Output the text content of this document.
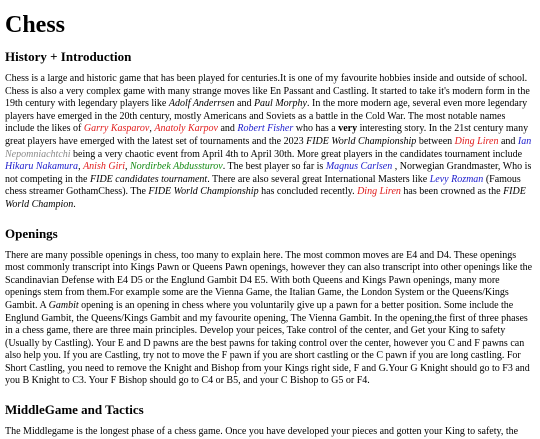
Chess
History + Introduction

Chess is a large and historic game that has been played for centuries.It is one of my favourite hobbies inside and outside of school. Chess is also a very complex game with many strange moves like En Passant and Castling. It started to take it's modern form in the 19th century with legendary players like Adolf Anderrsen and Paul Morphy. In the more modern age, several even more legendary players have emerged in the 20th century, mostly Americans and Soviets as a battle in the Cold War. The most notable names include the likes of Garry Kasparov, Anatoly Karpov and Robert Fisher who has a very interesting story. In the 21st century many great players have emerged with the latest set of tournaments and the 2023 FIDE World Championship between Ding Liren and Ian Nepomniachtchi being a very chaotic event from April 4th to April 30th. More great players in the candidates tournament include Hikaru Nakamura, Anish Giri, Nordirbek Abdussturov. The best player so far is Magnus Carlsen , Norwegian Grandmaster, Who is not competing in the FIDE candidates tournament. There are also several great International Masters like Levy Rozman (Famous chess streamer GothamChess). The FIDE World Championship has concluded recently. Ding Liren has been crowned as the FIDE World Champion.

Openings

There are many possible openings in chess, too many to explain here. The most common moves are E4 and D4. These openings most commonly transcript into Kings Pawn or Queens Pawn openings, however they can also transcript into other openings like the Scandinavian Defense with E4 D5 or the Englund Gambit D4 E5. With both Queens and Kings Pawn openings, many more openings stem from them.For example some are the Vienna Game, the Italian Game, the London System or the Queens/Kings Gambit. A Gambit opening is an opening in chess where you voluntarily give up a pawn for a better position. Some include the Englund Gambit, the Queens/Kings Gambit and my favourite opening, The Vienna Gambit. In the opening,the first of three phases in a chess game, there are three main principles. Develop your peices, Take control of the center, and Get your King to safety (Usually by Castling). Your E and D pawns are the best pawns for taking control over the center, however you C and F pawns can also help you. If you are Castling, try not to move the F pawn if you are short castling or the C pawn if you are long castling. For Short Castling, you need to remove the Knight and Bishop from your Kings right side, F and G.Your G Knight should go to F3 and you B Knight to C3. Your F Bishop should go to C4 or B5, and your C Bishop to G5 or F4.

MiddleGame and Tactics

The Middlegame is the longest phase of a chess game. Once you have developed your pieces and gotten your King to safety, the
